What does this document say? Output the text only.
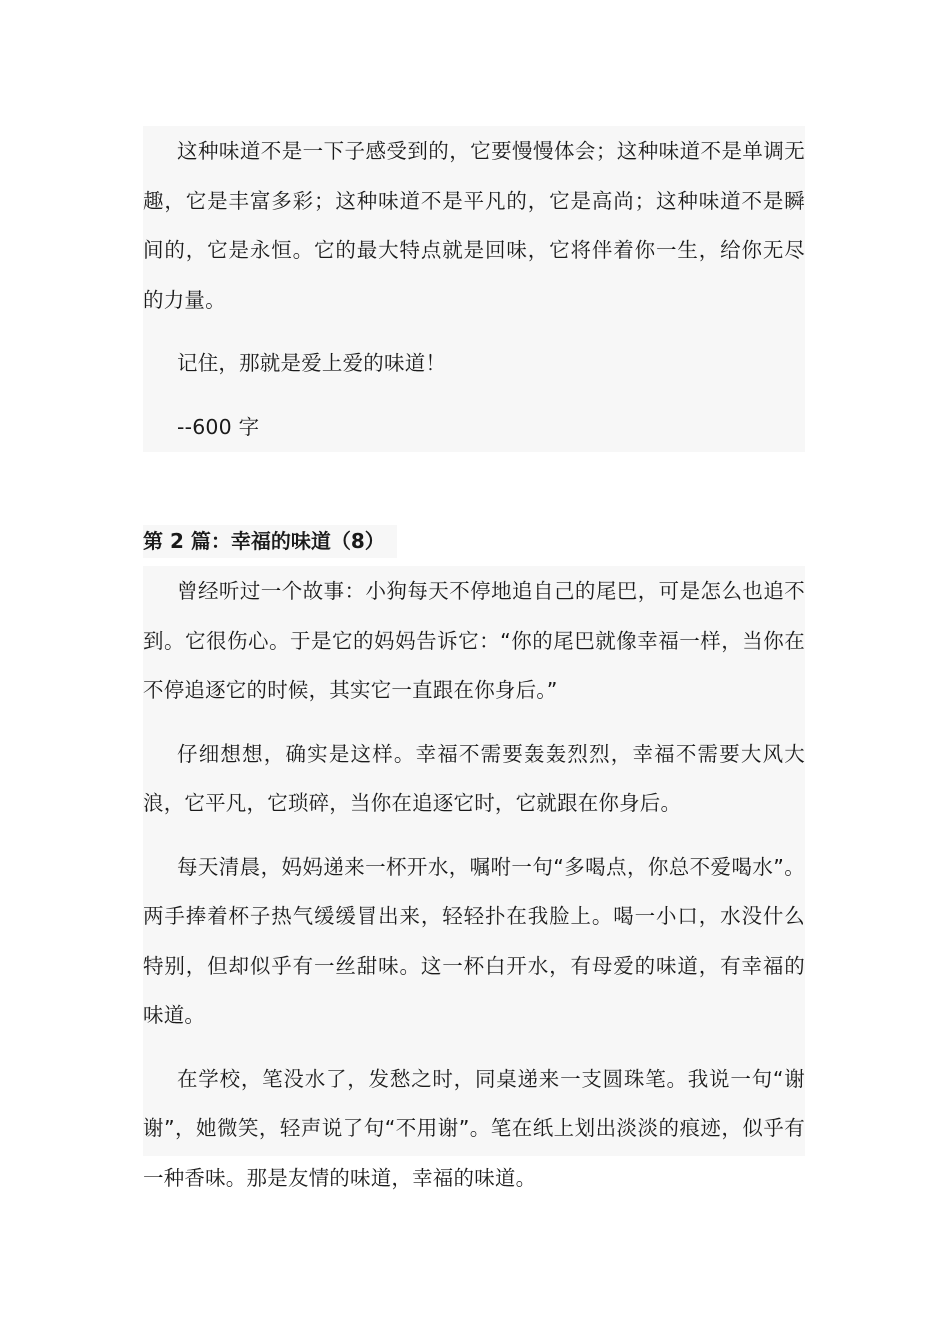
这种味道不是一下子感受到的，它要慢慢体会；这种味道不是单调无趣，它是丰富多彩；这种味道不是平凡的，它是高尚；这种味道不是瞬间的，它是永恒。它的最大特点就是回味，它将伴着你一生，给你无尽的力量。

记住，那就是爱上爱的味道！

--600 字

第 2 篇：幸福的味道（8）

曾经听过一个故事：小狗每天不停地追自己的尾巴，可是怎么也追不到。它很伤心。于是它的妈妈告诉它：“你的尾巴就像幸福一样，当你在不停追逐它的时候，其实它一直跟在你身后。”

仔细想想，确实是这样。幸福不需要轰轰烈烈，幸福不需要大风大浪，它平凡，它琐碎，当你在追逐它时，它就跟在你身后。

每天清晨，妈妈递来一杯开水，嘱咐一句“多喝点，你总不爱喝水”。两手捧着杯子热气缓缓冒出来，轻轻扑在我脸上。喝一小口，水没什么特别，但却似乎有一丝甜味。这一杯白开水，有母爱的味道，有幸福的味道。

在学校，笔没水了，发愁之时，同桌递来一支圆珠笔。我说一句“谢谢”，她微笑，轻声说了句“不用谢”。笔在纸上划出淡淡的痕迹，似乎有一种香味。那是友情的味道，幸福的味道。
